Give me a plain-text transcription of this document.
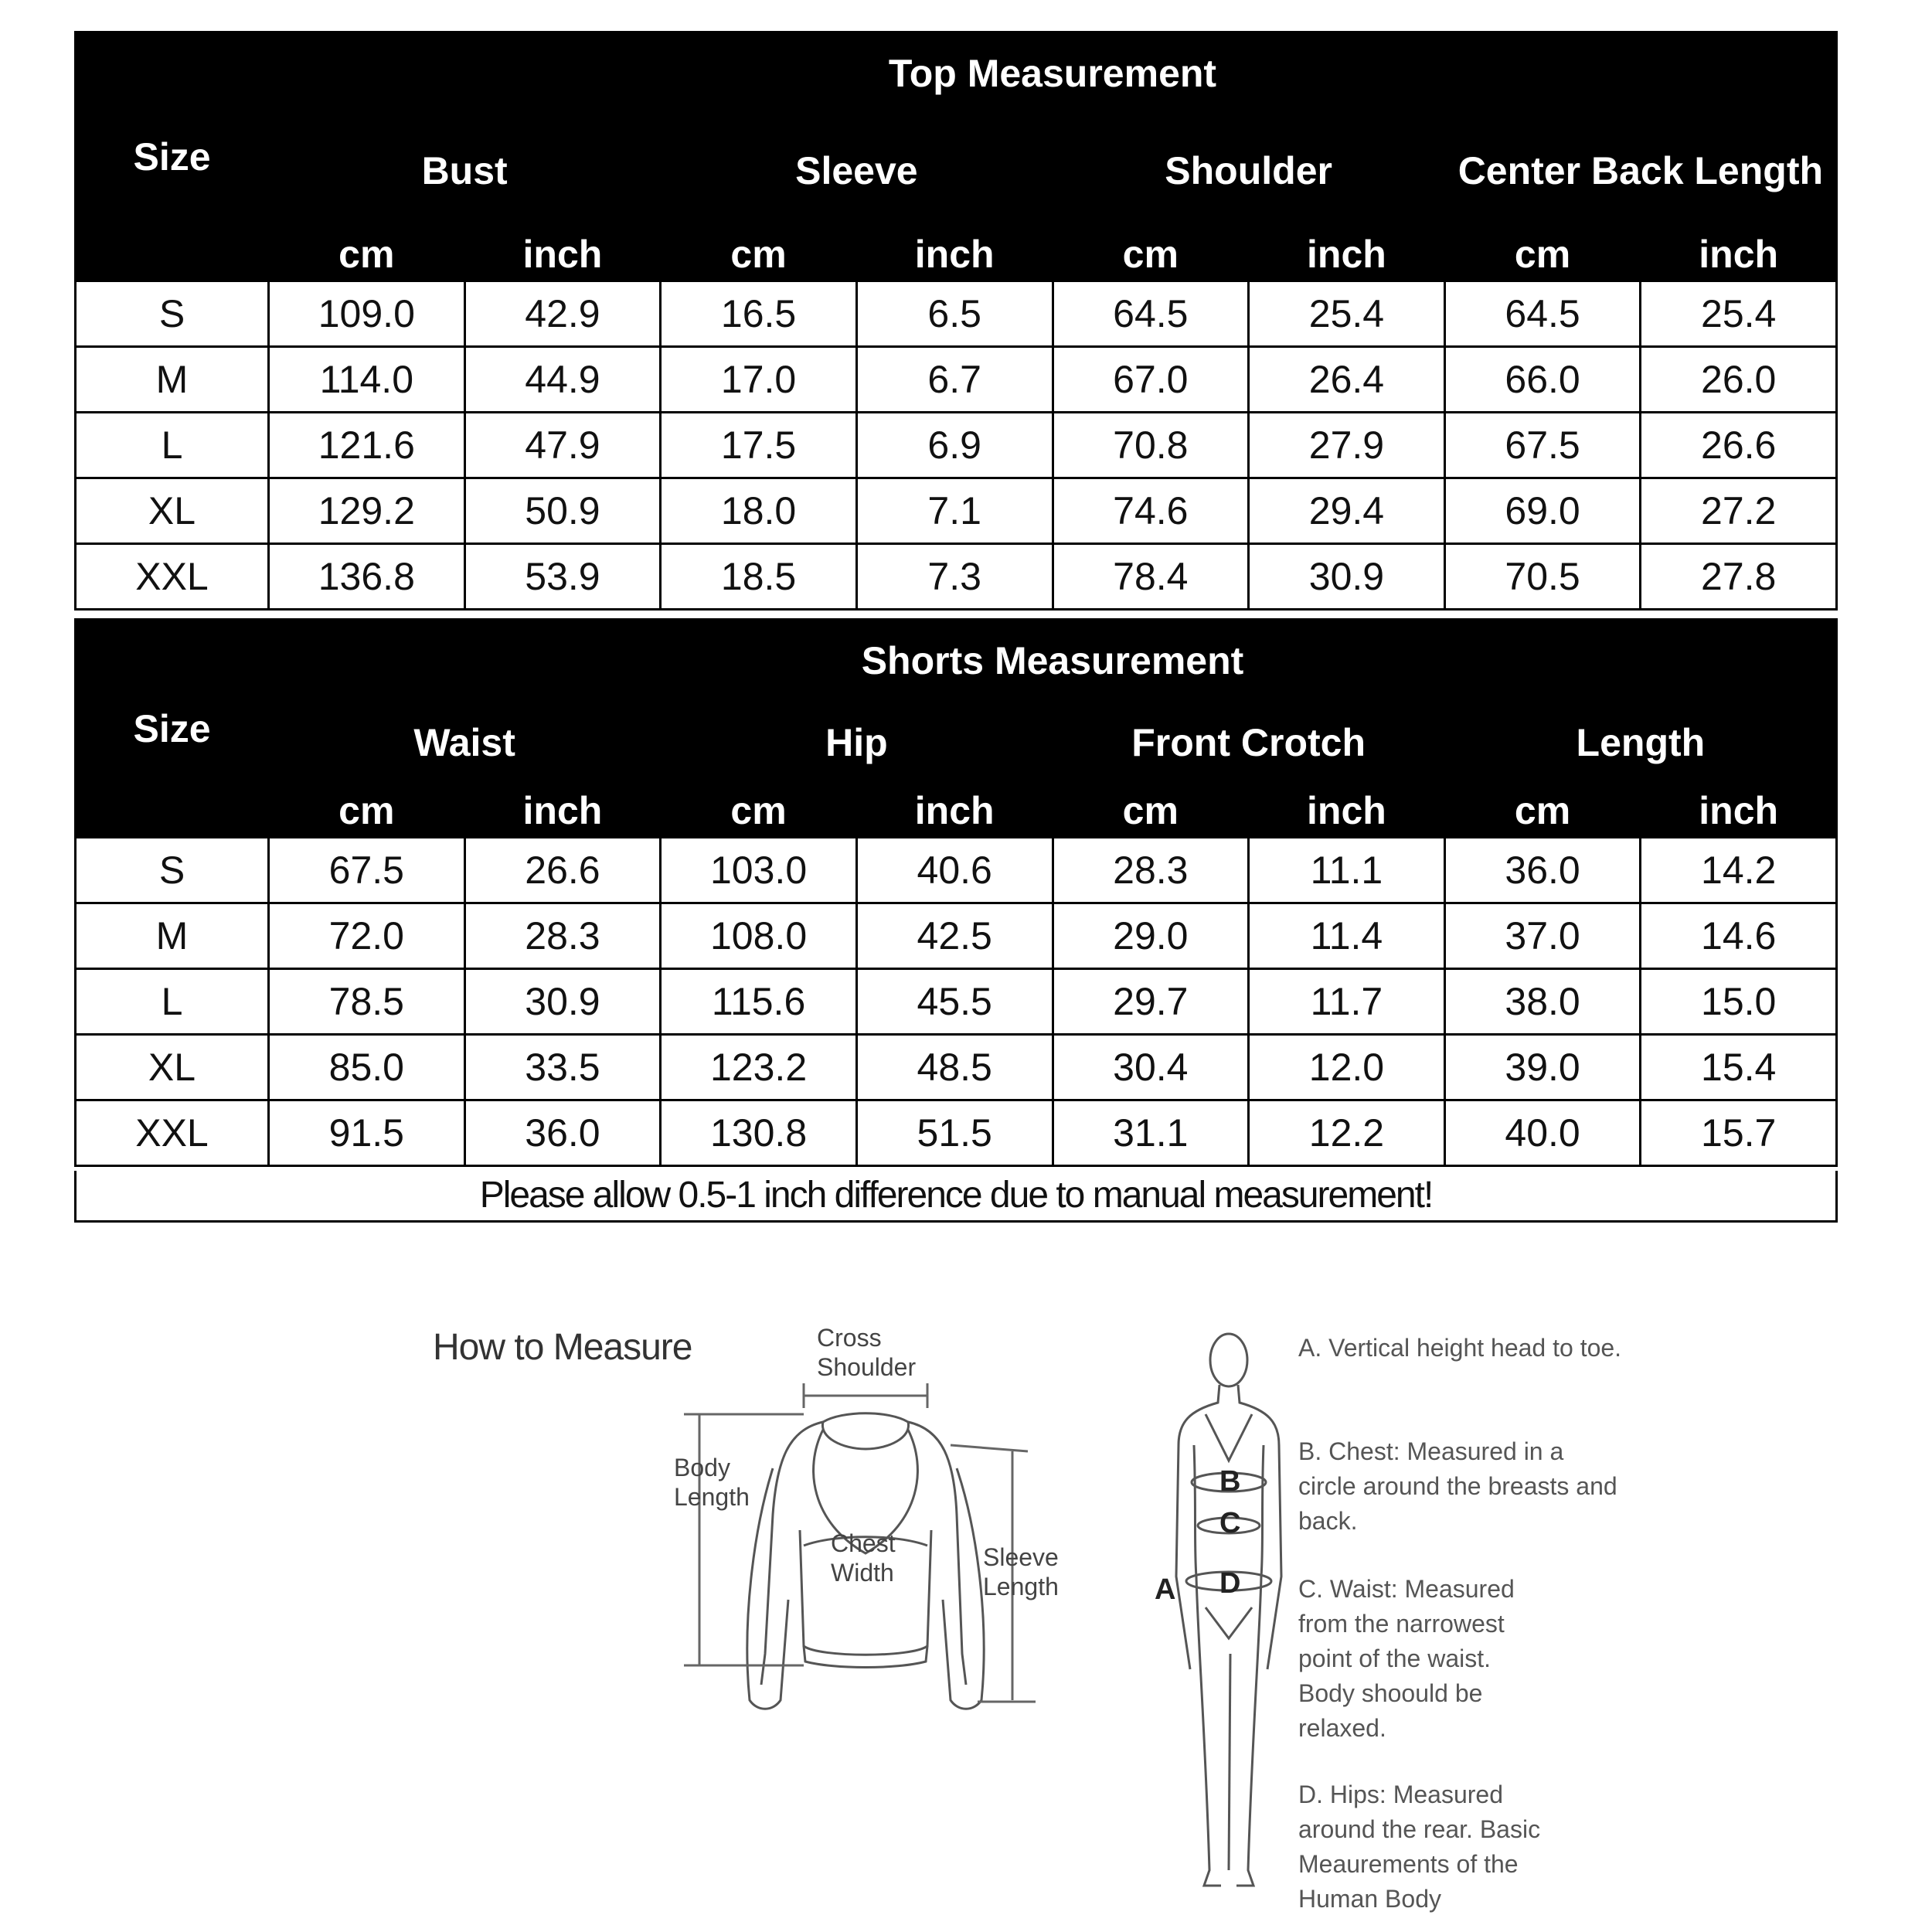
Size	Top Measurement							
	Bust		Sleeve		Shoulder		Center Back Length	
	cm	inch	cm	inch	cm	inch	cm	inch
S	109.0	42.9	16.5	6.5	64.5	25.4	64.5	25.4
M	114.0	44.9	17.0	6.7	67.0	26.4	66.0	26.0
L	121.6	47.9	17.5	6.9	70.8	27.9	67.5	26.6
XL	129.2	50.9	18.0	7.1	74.6	29.4	69.0	27.2
XXL	136.8	53.9	18.5	7.3	78.4	30.9	70.5	27.8
Size	Shorts Measurement							
	Waist		Hip		Front Crotch		Length	
	cm	inch	cm	inch	cm	inch	cm	inch
S	67.5	26.6	103.0	40.6	28.3	11.1	36.0	14.2
M	72.0	28.3	108.0	42.5	29.0	11.4	37.0	14.6
L	78.5	30.9	115.6	45.5	29.7	11.7	38.0	15.0
XL	85.0	33.5	123.2	48.5	30.4	12.0	39.0	15.4
XXL	91.5	36.0	130.8	51.5	31.1	12.2	40.0	15.7
Please allow 0.5-1 inch difference due to manual measurement!
How to Measure	Cross
Shoulder
Body
Length
Chest
Width
Sleeve
Length	A
B
C
D
A. Vertical height head to toe.
B. Chest: Measured in a circle around the breasts and back.
C. Waist: Measured from the narrowest point of the waist. Body shoould be relaxed.
D. Hips: Measured around the rear. Basic Meaurements of the Human Body
